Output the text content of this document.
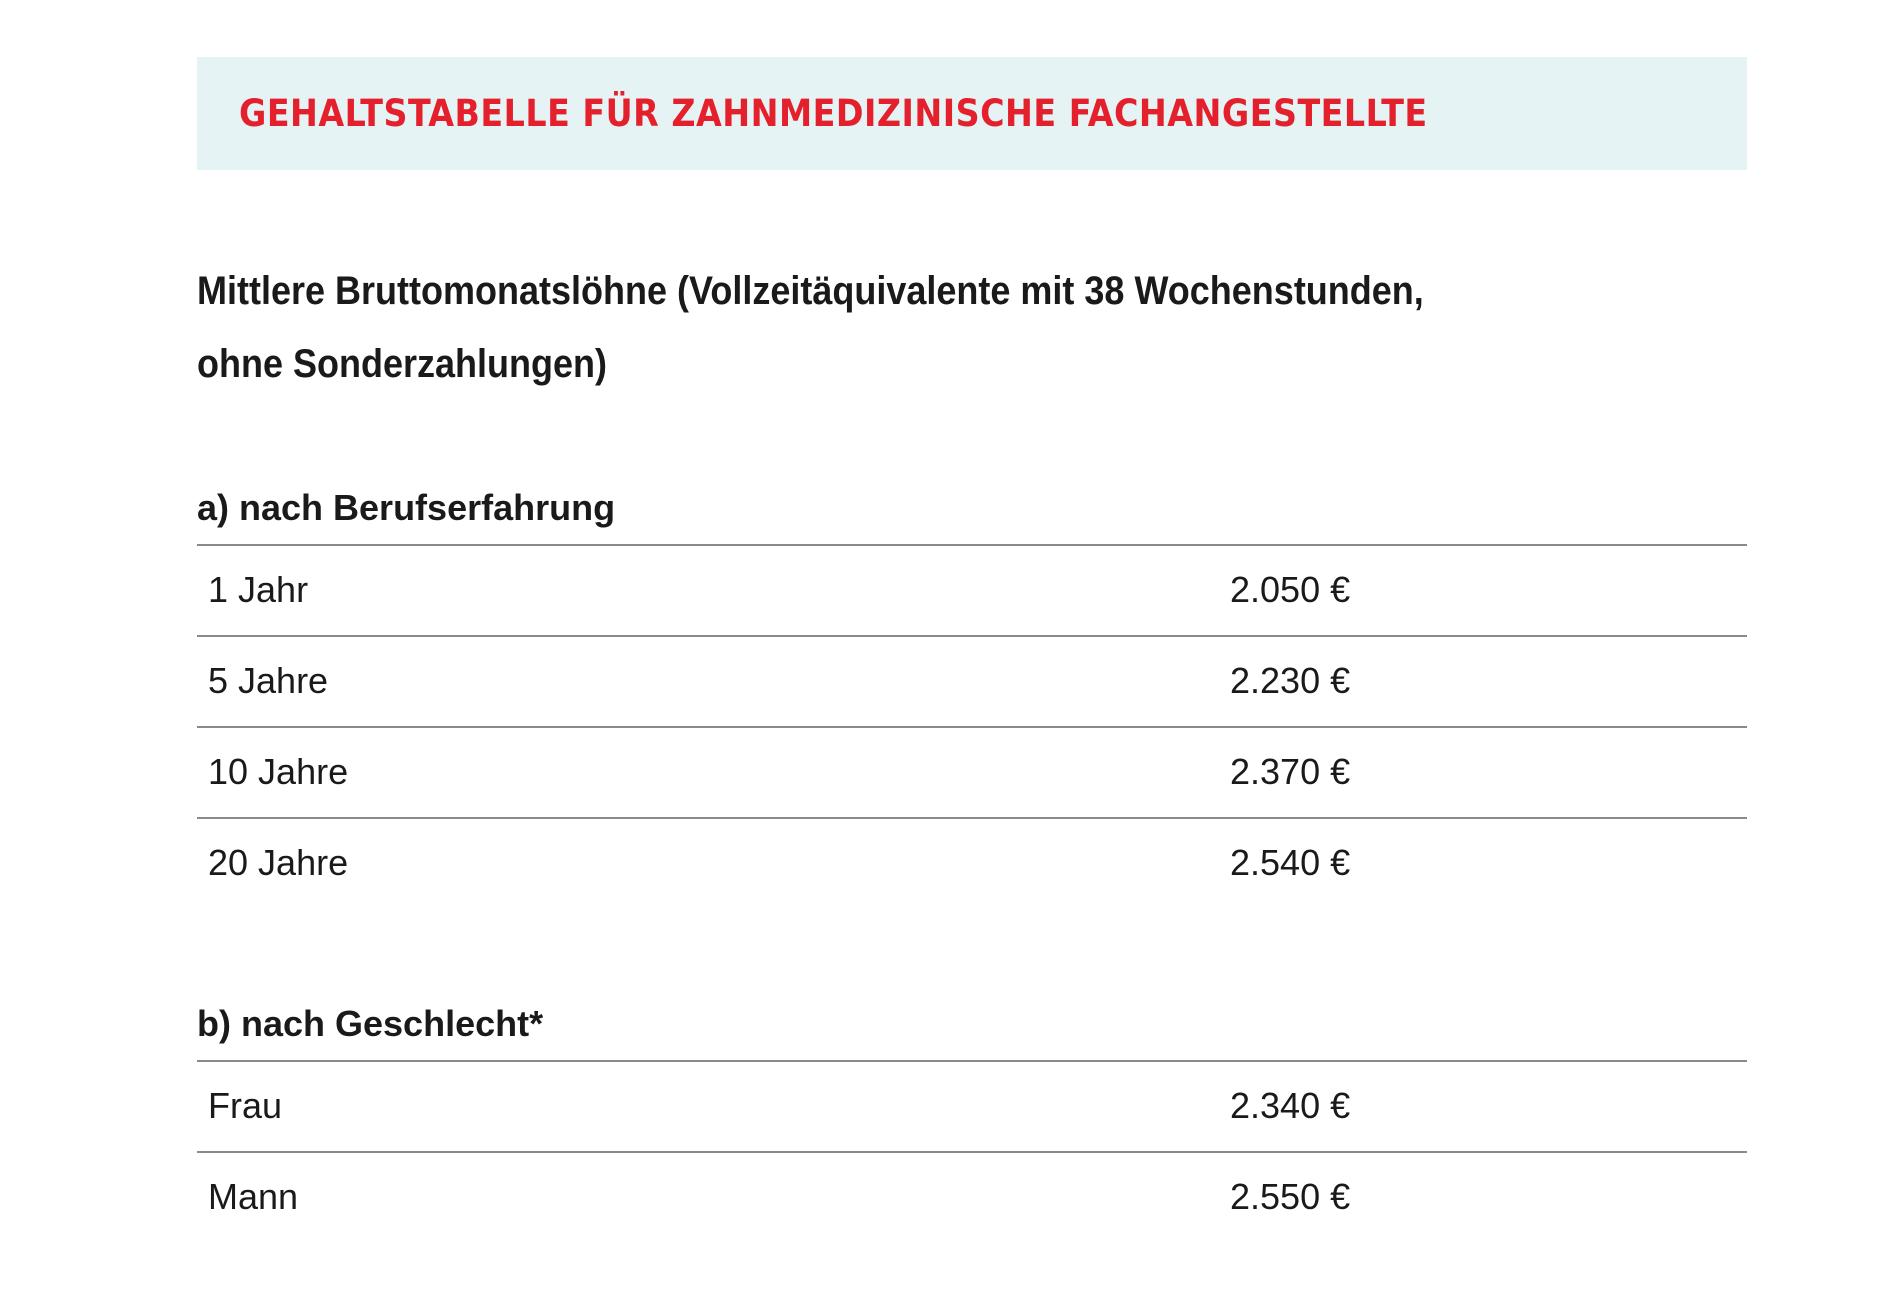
GEHALTSTABELLE FÜR ZAHNMEDIZINISCHE FACHANGESTELLTE
Mittlere Bruttomonatslöhne (Vollzeitäquivalente mit 38 Wochenstunden, ohne Sonderzahlungen)
a) nach Berufserfahrung
1 Jahr	2.050 €
5 Jahre	2.230 €
10 Jahre	2.370 €
20 Jahre	2.540 €
b) nach Geschlecht*
Frau	2.340 €
Mann	2.550 €
